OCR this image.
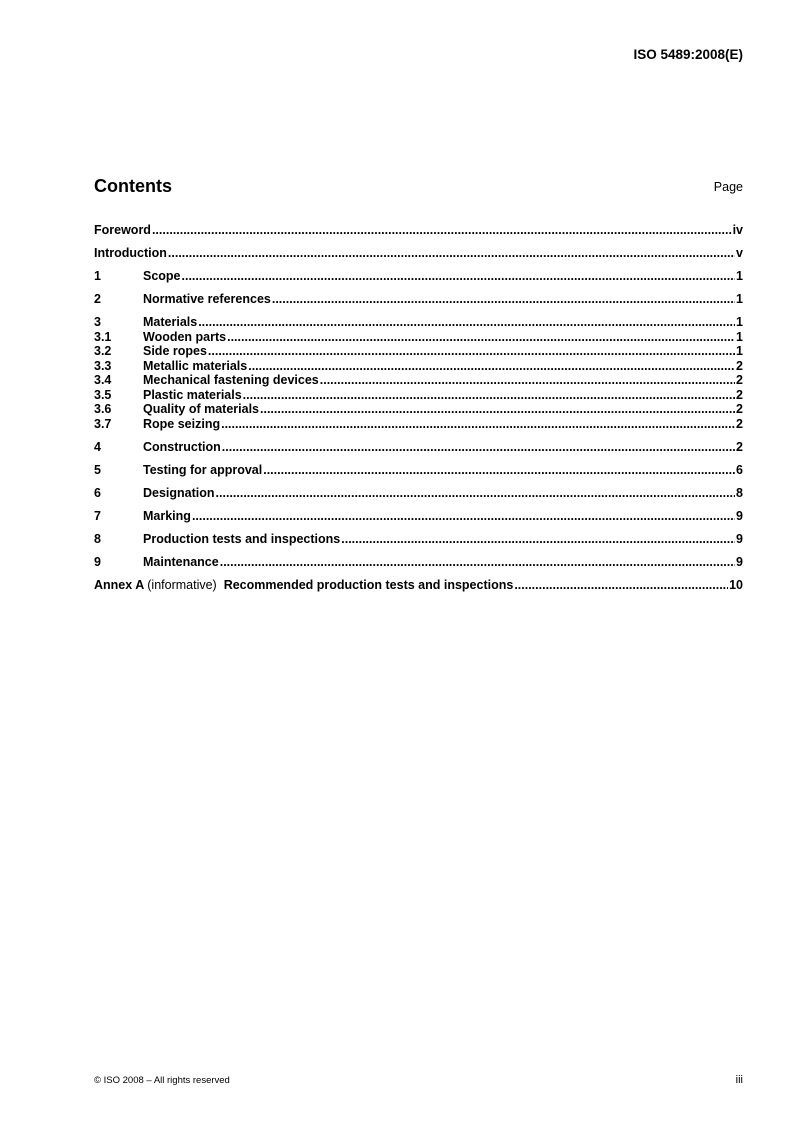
ISO 5489:2008(E)
Contents	Page
Foreword .....	iv
Introduction .....	v
1	Scope .....	1
2	Normative references .....	1
3	Materials .....	1
3.1	Wooden parts .....	1
3.2	Side ropes .....	1
3.3	Metallic materials .....	2
3.4	Mechanical fastening devices .....	2
3.5	Plastic materials .....	2
3.6	Quality of materials .....	2
3.7	Rope seizing .....	2
4	Construction .....	2
5	Testing for approval .....	6
6	Designation .....	8
7	Marking .....	9
8	Production tests and inspections .....	9
9	Maintenance .....	9
Annex A (informative) Recommended production tests and inspections .....	10
© ISO 2008 – All rights reserved	iii
